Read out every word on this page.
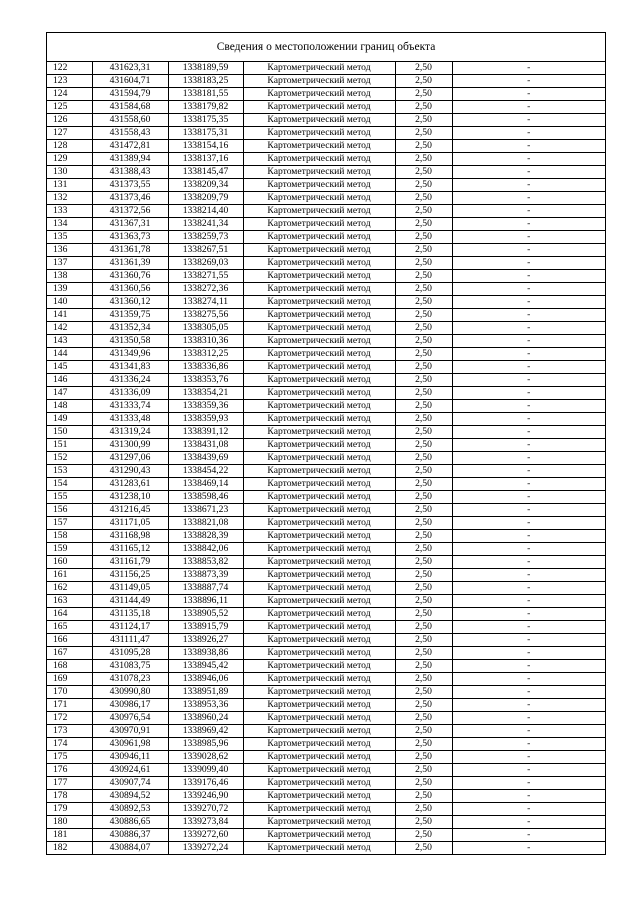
Сведения о местоположении границ объекта
122	431623,31	1338189,59	Картометрический метод	2,50	-
123	431604,71	1338183,25	Картометрический метод	2,50	-
124	431594,79	1338181,55	Картометрический метод	2,50	-
125	431584,68	1338179,82	Картометрический метод	2,50	-
126	431558,60	1338175,35	Картометрический метод	2,50	-
127	431558,43	1338175,31	Картометрический метод	2,50	-
128	431472,81	1338154,16	Картометрический метод	2,50	-
129	431389,94	1338137,16	Картометрический метод	2,50	-
130	431388,43	1338145,47	Картометрический метод	2,50	-
131	431373,55	1338209,34	Картометрический метод	2,50	-
132	431373,46	1338209,79	Картометрический метод	2,50	-
133	431372,56	1338214,40	Картометрический метод	2,50	-
134	431367,31	1338241,34	Картометрический метод	2,50	-
135	431363,73	1338259,73	Картометрический метод	2,50	-
136	431361,78	1338267,51	Картометрический метод	2,50	-
137	431361,39	1338269,03	Картометрический метод	2,50	-
138	431360,76	1338271,55	Картометрический метод	2,50	-
139	431360,56	1338272,36	Картометрический метод	2,50	-
140	431360,12	1338274,11	Картометрический метод	2,50	-
141	431359,75	1338275,56	Картометрический метод	2,50	-
142	431352,34	1338305,05	Картометрический метод	2,50	-
143	431350,58	1338310,36	Картометрический метод	2,50	-
144	431349,96	1338312,25	Картометрический метод	2,50	-
145	431341,83	1338336,86	Картометрический метод	2,50	-
146	431336,24	1338353,76	Картометрический метод	2,50	-
147	431336,09	1338354,21	Картометрический метод	2,50	-
148	431333,74	1338359,36	Картометрический метод	2,50	-
149	431333,48	1338359,93	Картометрический метод	2,50	-
150	431319,24	1338391,12	Картометрический метод	2,50	-
151	431300,99	1338431,08	Картометрический метод	2,50	-
152	431297,06	1338439,69	Картометрический метод	2,50	-
153	431290,43	1338454,22	Картометрический метод	2,50	-
154	431283,61	1338469,14	Картометрический метод	2,50	-
155	431238,10	1338598,46	Картометрический метод	2,50	-
156	431216,45	1338671,23	Картометрический метод	2,50	-
157	431171,05	1338821,08	Картометрический метод	2,50	-
158	431168,98	1338828,39	Картометрический метод	2,50	-
159	431165,12	1338842,06	Картометрический метод	2,50	-
160	431161,79	1338853,82	Картометрический метод	2,50	-
161	431156,25	1338873,39	Картометрический метод	2,50	-
162	431149,05	1338887,74	Картометрический метод	2,50	-
163	431144,49	1338896,11	Картометрический метод	2,50	-
164	431135,18	1338905,52	Картометрический метод	2,50	-
165	431124,17	1338915,79	Картометрический метод	2,50	-
166	431111,47	1338926,27	Картометрический метод	2,50	-
167	431095,28	1338938,86	Картометрический метод	2,50	-
168	431083,75	1338945,42	Картометрический метод	2,50	-
169	431078,23	1338946,06	Картометрический метод	2,50	-
170	430990,80	1338951,89	Картометрический метод	2,50	-
171	430986,17	1338953,36	Картометрический метод	2,50	-
172	430976,54	1338960,24	Картометрический метод	2,50	-
173	430970,91	1338969,42	Картометрический метод	2,50	-
174	430961,98	1338985,96	Картометрический метод	2,50	-
175	430946,11	1339028,62	Картометрический метод	2,50	-
176	430924,61	1339099,40	Картометрический метод	2,50	-
177	430907,74	1339176,46	Картометрический метод	2,50	-
178	430894,52	1339246,90	Картометрический метод	2,50	-
179	430892,53	1339270,72	Картометрический метод	2,50	-
180	430886,65	1339273,84	Картометрический метод	2,50	-
181	430886,37	1339272,60	Картометрический метод	2,50	-
182	430884,07	1339272,24	Картометрический метод	2,50	-
